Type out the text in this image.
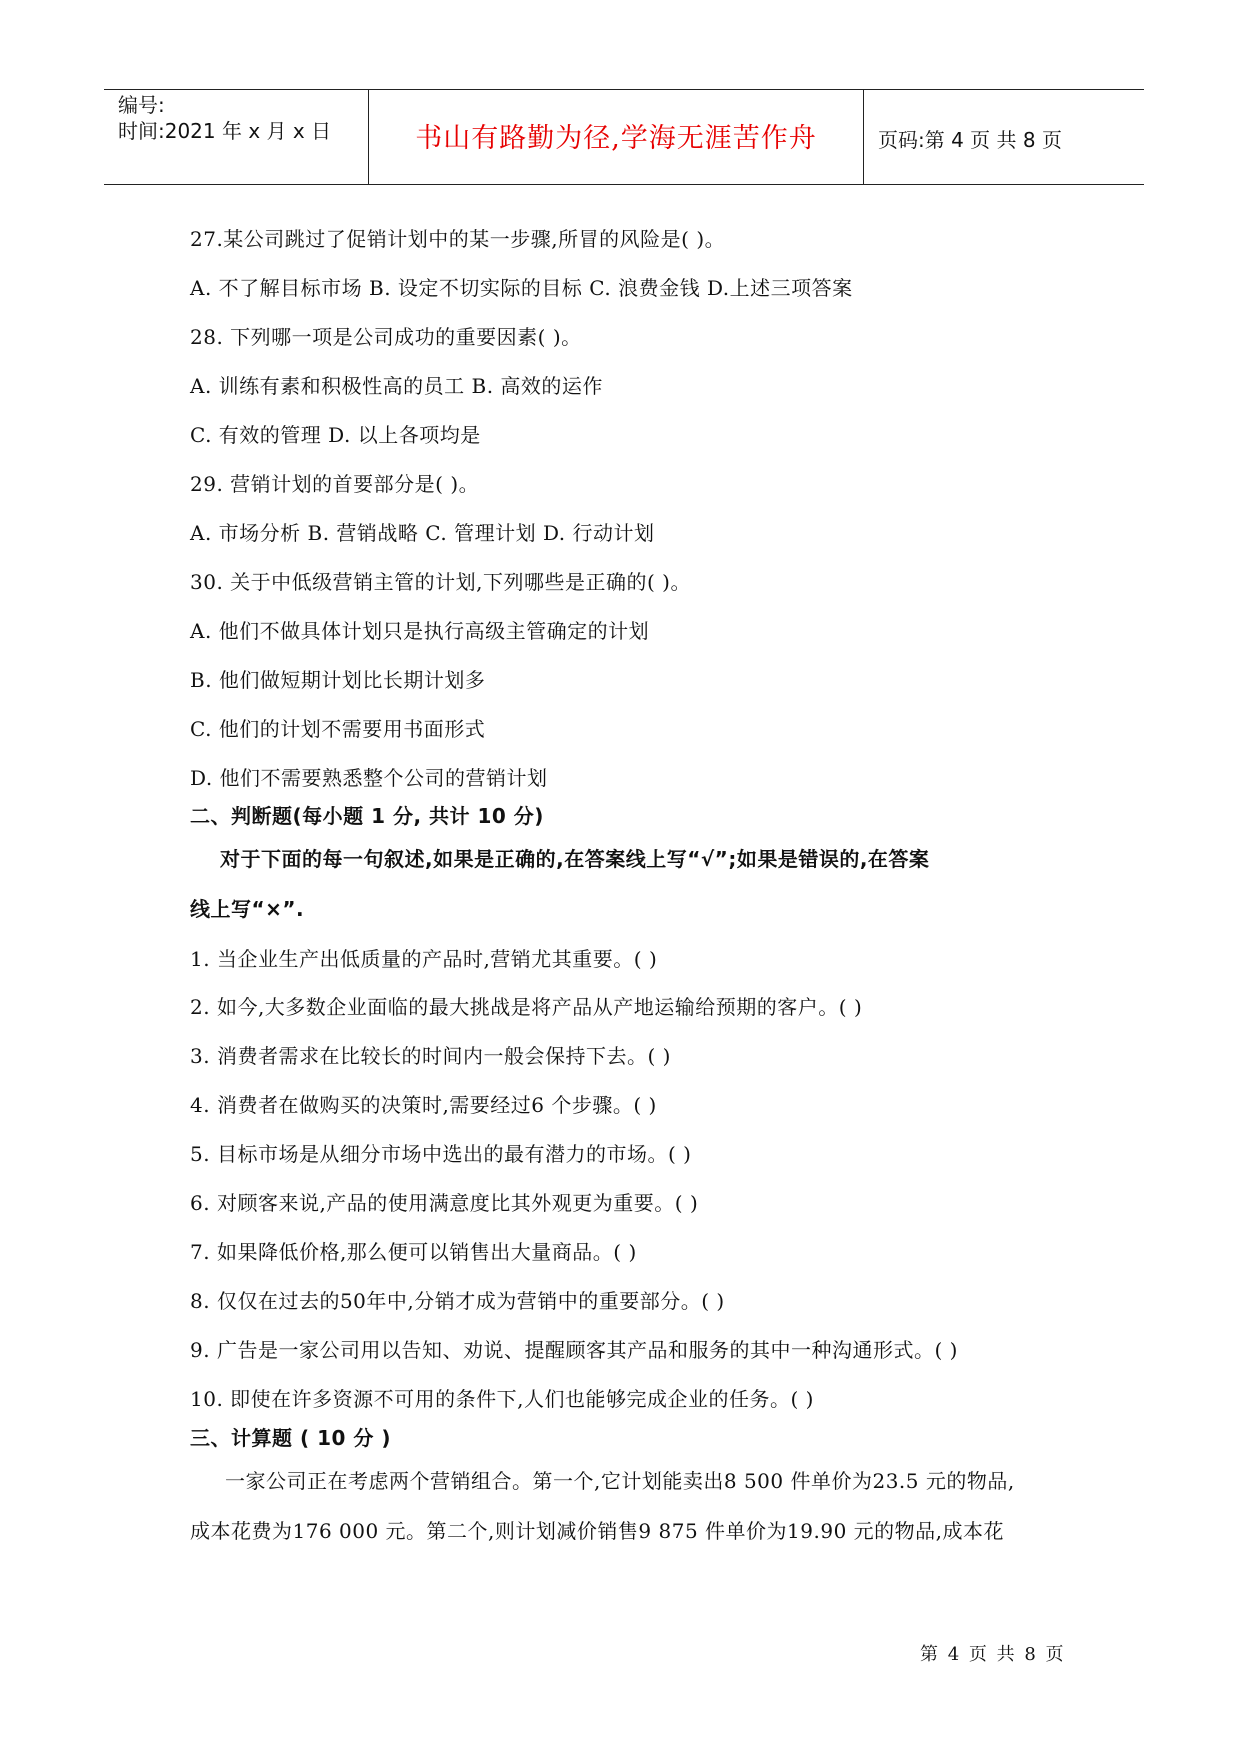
编号:
时间:2021 年 x 月 x 日	书山有路勤为径,学海无涯苦作舟	页码:第 4 页 共 8 页
27.某公司跳过了促销计划中的某一步骤,所冒的风险是( )。
A. 不了解目标市场 B. 设定不切实际的目标 C. 浪费金钱 D.上述三项答案
28. 下列哪一项是公司成功的重要因素( )。
A. 训练有素和积极性高的员工 B. 高效的运作
C. 有效的管理 D. 以上各项均是
29. 营销计划的首要部分是( )。
A. 市场分析 B. 营销战略 C. 管理计划 D. 行动计划
30. 关于中低级营销主管的计划,下列哪些是正确的( )。
A. 他们不做具体计划只是执行高级主管确定的计划
B. 他们做短期计划比长期计划多
C. 他们的计划不需要用书面形式
D. 他们不需要熟悉整个公司的营销计划
二、判断题(每小题 1 分, 共计 10 分)
对于下面的每一句叙述,如果是正确的,在答案线上写“√”;如果是错误的,在答案
线上写“×”.
1. 当企业生产出低质量的产品时,营销尤其重要。( )
2. 如今,大多数企业面临的最大挑战是将产品从产地运输给预期的客户。( )
3. 消费者需求在比较长的时间内一般会保持下去。( )
4. 消费者在做购买的决策时,需要经过6 个步骤。( )
5. 目标市场是从细分市场中选出的最有潜力的市场。( )
6. 对顾客来说,产品的使用满意度比其外观更为重要。( )
7. 如果降低价格,那么便可以销售出大量商品。( )
8. 仅仅在过去的50年中,分销才成为营销中的重要部分。( )
9. 广告是一家公司用以告知、劝说、提醒顾客其产品和服务的其中一种沟通形式。( )
10. 即使在许多资源不可用的条件下,人们也能够完成企业的任务。( )
三、计算题 ( 10 分 )
一家公司正在考虑两个营销组合。第一个,它计划能卖出8 500 件单价为23.5 元的物品,
成本花费为176 000 元。第二个,则计划减价销售9 875 件单价为19.90 元的物品,成本花
第 4 页 共 8 页
